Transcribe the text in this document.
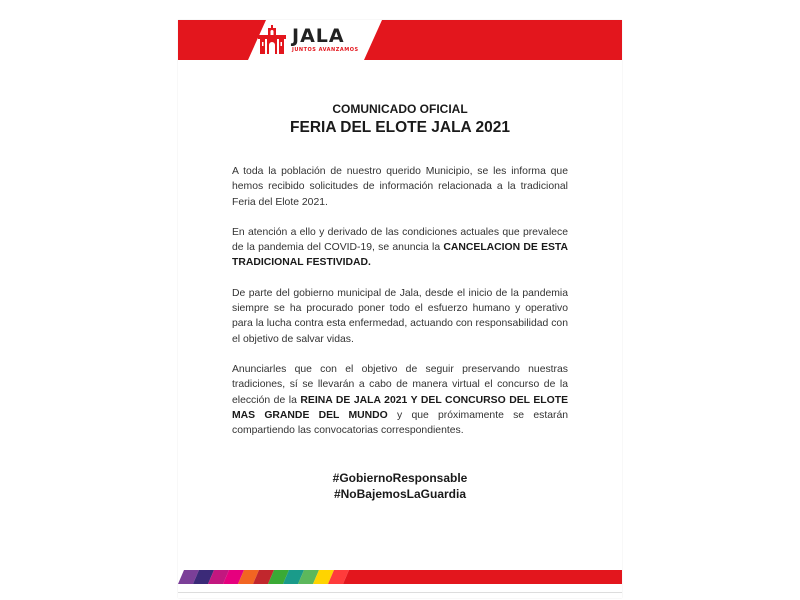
JALA
JUNTOS AVANZAMOS
COMUNICADO OFICIAL
FERIA DEL ELOTE JALA 2021

A toda la población de nuestro querido Municipio, se les informa que hemos recibido solicitudes de información relacionada a la tradicional Feria del Elote 2021.

En atención a ello y derivado de las condiciones actuales que prevalece de la pandemia del COVID-19, se anuncia la CANCELACION DE ESTA TRADICIONAL FESTIVIDAD.

De parte del gobierno municipal de Jala, desde el inicio de la pandemia siempre se ha procurado poner todo el esfuerzo humano y operativo para la lucha contra esta enfermedad, actuando con responsabilidad con el objetivo de salvar vidas.

Anunciarles que con el objetivo de seguir preservando nuestras tradiciones, sí se llevarán a cabo de manera virtual el concurso de la elección de la REINA DE JALA 2021 Y DEL CONCURSO DEL ELOTE MAS GRANDE DEL MUNDO y que próximamente se estarán compartiendo las convocatorias correspondientes.

#GobiernoResponsable
#NoBajemosLaGuardia
